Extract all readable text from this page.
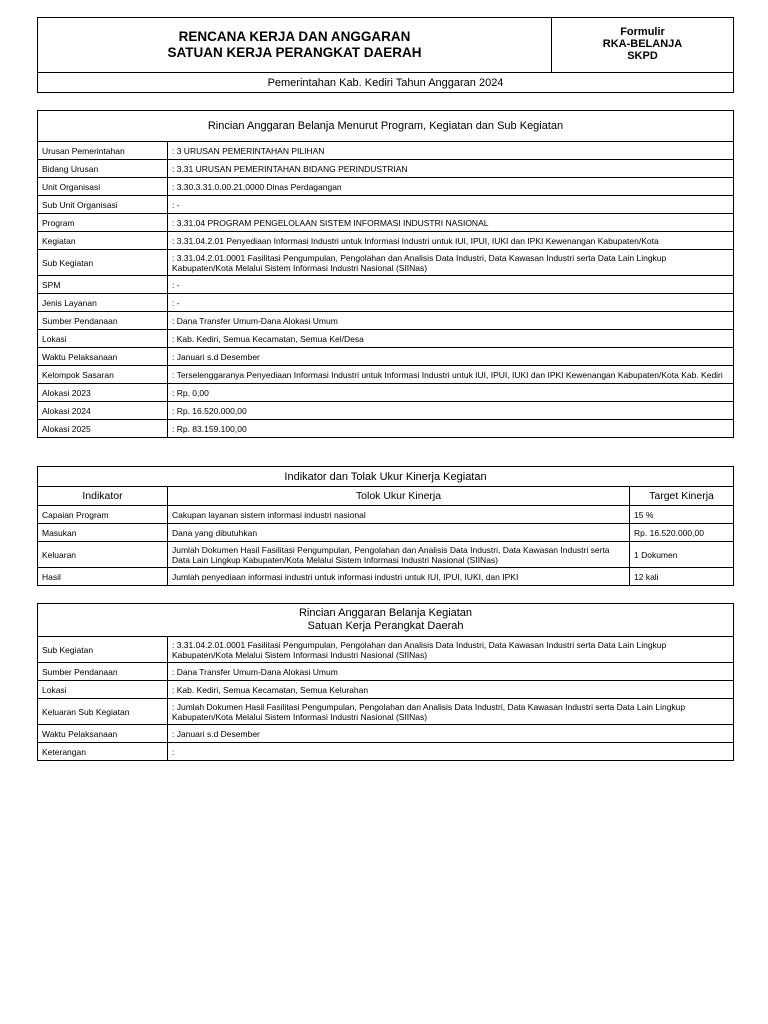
RENCANA KERJA DAN ANGGARAN
SATUAN KERJA PERANGKAT DAERAH

Formulir
RKA-BELANJA
SKPD

Pemerintahan Kab. Kediri Tahun Anggaran 2024
Rincian Anggaran Belanja Menurut Program, Kegiatan dan Sub Kegiatan	
Urusan Pemerintahan	: 3 URUSAN PEMERINTAHAN PILIHAN
Bidang Urusan	: 3.31 URUSAN PEMERINTAHAN BIDANG PERINDUSTRIAN
Unit Organisasi	: 3.30.3.31.0.00.21.0000 Dinas Perdagangan
Sub Unit Organisasi	: -
Program	: 3.31.04 PROGRAM PENGELOLAAN SISTEM INFORMASI INDUSTRI NASIONAL
Kegiatan	: 3.31.04.2.01 Penyediaan Informasi Industri untuk Informasi Industri untuk IUI, IPUI, IUKI dan IPKI Kewenangan Kabupaten/Kota
Sub Kegiatan	: 3.31.04.2.01.0001 Fasilitasi Pengumpulan, Pengolahan dan Analisis Data Industri, Data Kawasan Industri serta Data Lain Lingkup Kabupaten/Kota Melalui Sistem Informasi Industri Nasional (SIINas)
SPM	: -
Jenis Layanan	: -
Sumber Pendanaan	: Dana Transfer Umum-Dana Alokasi Umum
Lokasi	: Kab. Kediri, Semua Kecamatan, Semua Kel/Desa
Waktu Pelaksanaan	: Januari s.d Desember
Kelompok Sasaran	: Terselenggaranya Penyediaan Informasi Industri untuk Informasi Industri untuk IUI, IPUI, IUKI dan IPKI Kewenangan Kabupaten/Kota Kab. Kediri
Alokasi 2023	: Rp. 0,00
Alokasi 2024	: Rp. 16.520.000,00
Alokasi 2025	: Rp. 83.159.100,00
Indikator dan Tolak Ukur Kinerja Kegiatan		
Indikator	Tolok Ukur Kinerja	Target Kinerja
Capaian Program	Cakupan layanan sistem informasi industri nasional	15 %
Masukan	Dana yang dibutuhkan	Rp. 16.520.000,00
Keluaran	Jumlah Dokumen Hasil Fasilitasi Pengumpulan, Pengolahan dan Analisis Data Industri, Data Kawasan Industri serta Data Lain Lingkup Kabupaten/Kota Melalui Sistem Informasi Industri Nasional (SIINas)	1 Dokumen
Hasil	Jumlah penyediaan informasi industri untuk informasi industri untuk IUI, IPUI, IUKI, dan IPKI	12 kali
Rincian Anggaran Belanja Kegiatan
Satuan Kerja Perangkat Daerah	

Sub Kegiatan	: 3.31.04.2.01.0001 Fasilitasi Pengumpulan, Pengolahan dan Analisis Data Industri, Data Kawasan Industri serta Data Lain Lingkup Kabupaten/Kota Melalui Sistem Informasi Industri Nasional (SIINas)
Sumber Pendanaan	: Dana Transfer Umum-Dana Alokasi Umum
Lokasi	: Kab. Kediri, Semua Kecamatan, Semua Kelurahan
Keluaran Sub Kegiatan	: Jumlah Dokumen Hasil Fasilitasi Pengumpulan, Pengolahan dan Analisis Data Industri, Data Kawasan Industri serta Data Lain Lingkup Kabupaten/Kota Melalui Sistem Informasi Industri Nasional (SIINas)
Waktu Pelaksanaan	: Januari s.d Desember
Keterangan	:
